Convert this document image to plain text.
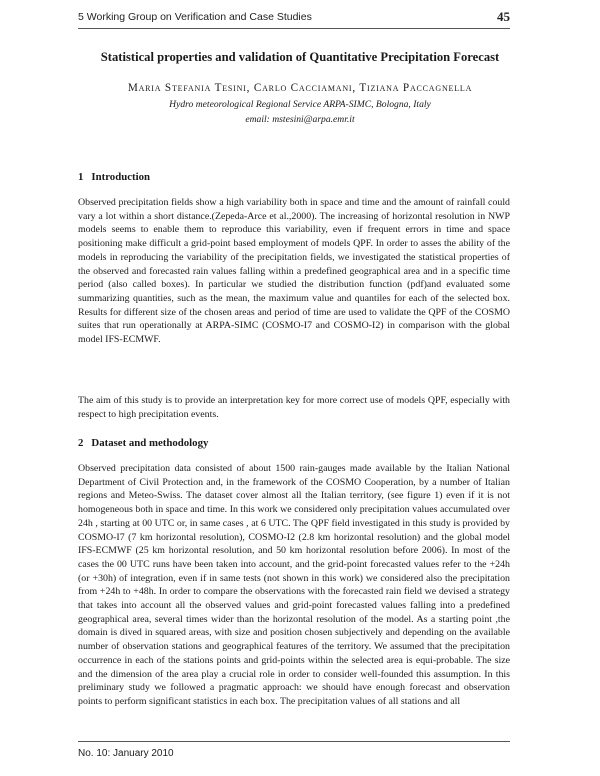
5 Working Group on Verification and Case Studies	45
Statistical properties and validation of Quantitative Precipitation Forecast
Maria Stefania Tesini, Carlo Cacciamani, Tiziana Paccagnella
Hydro meteorological Regional Service ARPA-SIMC, Bologna, Italy
email: mstesini@arpa.emr.it
1 Introduction

Observed precipitation fields show a high variability both in space and time and the amount of rainfall could vary a lot within a short distance.(Zepeda-Arce et al.,2000). The increasing of horizontal resolution in NWP models seems to enable them to reproduce this variability, even if frequent errors in time and space positioning make difficult a grid-point based employment of models QPF. In order to asses the ability of the models in reproducing the variability of the precipitation fields, we investigated the statistical properties of the observed and forecasted rain values falling within a predefined geographical area and in a specific time period (also called boxes). In particular we studied the distribution function (pdf)and evaluated some summarizing quantities, such as the mean, the maximum value and quantiles for each of the selected box. Results for different size of the chosen areas and period of time are used to validate the QPF of the COSMO suites that run operationally at ARPA-SIMC (COSMO-I7 and COSMO-I2) in comparison with the global model IFS-ECMWF.

The aim of this study is to provide an interpretation key for more correct use of models QPF, especially with respect to high precipitation events.

2 Dataset and methodology

Observed precipitation data consisted of about 1500 rain-gauges made available by the Italian National Department of Civil Protection and, in the framework of the COSMO Cooperation, by a number of Italian regions and Meteo-Swiss. The dataset cover almost all the Italian territory, (see figure 1) even if it is not homogeneous both in space and time. In this work we considered only precipitation values accumulated over 24h , starting at 00 UTC or, in same cases , at 6 UTC. The QPF field investigated in this study is provided by COSMO-I7 (7 km horizontal resolution), COSMO-I2 (2.8 km horizontal resolution) and the global model IFS-ECMWF (25 km horizontal resolution, and 50 km horizontal resolution before 2006). In most of the cases the 00 UTC runs have been taken into account, and the grid-point forecasted values refer to the +24h (or +30h) of integration, even if in same tests (not shown in this work) we considered also the precipitation from +24h to +48h. In order to compare the observations with the forecasted rain field we devised a strategy that takes into account all the observed values and grid-point forecasted values falling into a predefined geographical area, several times wider than the horizontal resolution of the model. As a starting point ,the domain is dived in squared areas, with size and position chosen subjectively and depending on the available number of observation stations and geographical features of the territory. We assumed that the precipitation occurrence in each of the stations points and grid-points within the selected area is equi-probable. The size and the dimension of the area play a crucial role in order to consider well-founded this assumption. In this preliminary study we followed a pragmatic approach: we should have enough forecast and observation points to perform significant statistics in each box. The precipitation values of all stations and all

No. 10: January 2010
